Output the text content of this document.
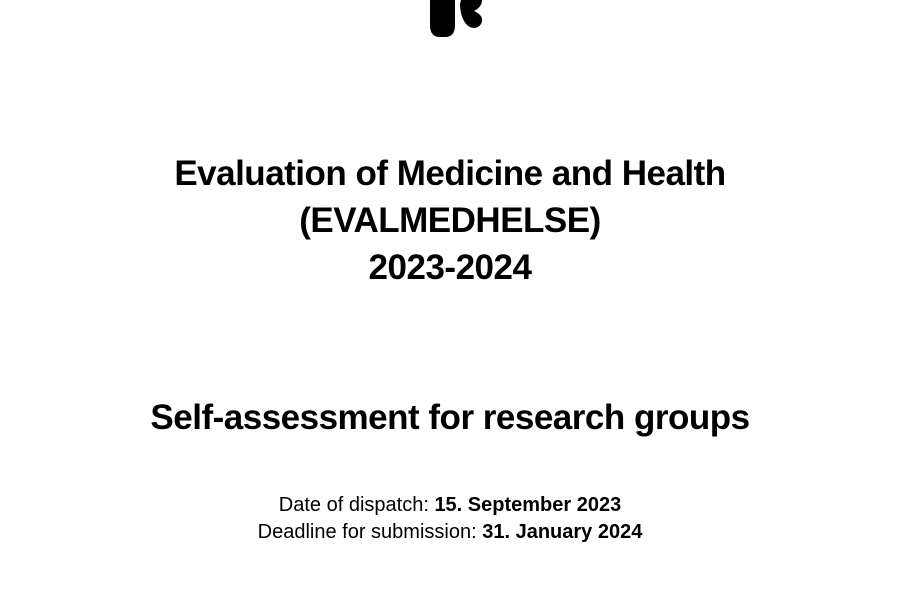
Evaluation of Medicine and Health
(EVALMEDHELSE)
2023-2024
Self-assessment for research groups
Date of dispatch: 15. September 2023
Deadline for submission: 31. January 2024
